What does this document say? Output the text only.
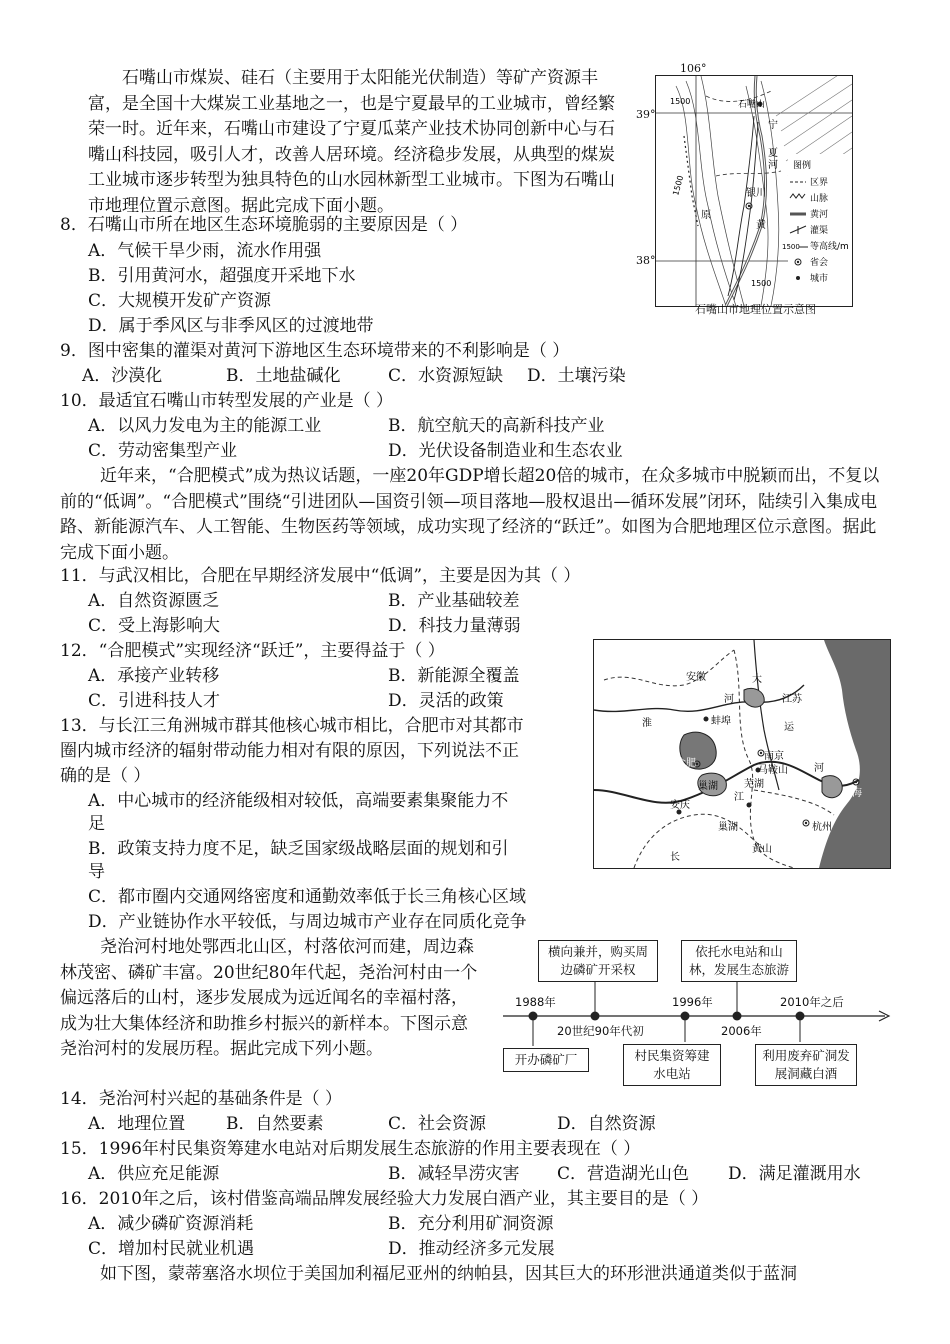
石嘴山市煤炭、硅石（主要用于太阳能光伏制造）等矿产资源丰富，是全国十大煤炭工业基地之一，也是宁夏最早的工业城市，曾经繁荣一时。近年来，石嘴山市建设了宁夏瓜菜产业技术协同创新中心与石嘴山科技园，吸引人才，改善人居环境。经济稳步发展，从典型的煤炭工业城市逐步转型为独具特色的山水园林新型工业城市。下图为石嘴山市地理位置示意图。据此完成下面小题。
1500
1500
1500
石嘴山
宁
夏
银川
原
黄
河 图例
区界
山脉
黄河
灌渠
1500 等高线/m
省会
城市
106°
39°
38°
石嘴山市地理位置示意图
8．石嘴山市所在地区生态环境脆弱的主要原因是（ ）
A．气候干旱少雨，流水作用强
B．引用黄河水，超强度开采地下水
C．大规模开发矿产资源
D．属于季风区与非季风区的过渡地带
9．图中密集的灌渠对黄河下游地区生态环境带来的不利影响是（ ）
A．沙漠化	B．土地盐碱化	C．水资源短缺 D．土壤污染
10．最适宜石嘴山市转型发展的产业是（ ）
A．以风力发电为主的能源工业	B．航空航天的高新科技产业
C．劳动密集型产业	D．光伏设备制造业和生态农业
近年来，“合肥模式”成为热议话题，一座20年GDP增长超20倍的城市，在众多城市中脱颖而出，不复以前的“低调”。“合肥模式”围绕“引进团队—国资引领—项目落地—股权退出—循环发展”闭环，陆续引入集成电路、新能源汽车、人工智能、生物医药等领域，成功实现了经济的“跃迁”。如图为合肥地理区位示意图。据此完成下面小题。
11．与武汉相比，合肥在早期经济发展中“低调”，主要是因为其（ ）
A．自然资源匮乏	B．产业基础较差
C．受上海影响大	D．科技力量薄弱
12．“合肥模式”实现经济“跃迁”，主要得益于（ ）
A．承接产业转移	B．新能源全覆盖
C．引进科技人才	D．灵活的政策
13．与长江三角洲城市群其他核心城市相比，合肥市对其都市
圈内城市经济的辐射带动能力相对有限的原因，下列说法不正
确的是（ ）
A．中心城市的经济能级相对较低，高端要素集聚能力不
足
B．政策支持力度不足，缺乏国家级战略层面的规划和引
导
C．都市圈内交通网络密度和通勤效率低于长三角核心区域
D．产业链协作水平较低，与周边城市产业存在同质化竞争
安徽	大
河	江苏
运
河
淮	蚌埠
合肥
巢湖
南京
马鞍山
芜湖
江
安庆
巢湖
黄山
长
上海
杭州
尧治河村地处鄂西北山区，村落依河而建，周边森林茂密、磷矿丰富。20世纪80年代起，尧治河村由一个偏远落后的山村，逐步发展成为远近闻名的幸福村落，成为壮大集体经济和助推乡村振兴的新样本。下图示意尧治河村的发展历程。据此完成下列小题。
1988年
20世纪90年代初
1996年
2006年
2010年之后
横向兼并，购买周边磷矿开采权
依托水电站和山林，发展生态旅游
开办磷矿厂	村民集资筹建水电站
利用废弃矿洞发展洞藏白酒
14．尧治河村兴起的基础条件是（ ）
A．地理位置 B．自然要素	C．社会资源	D．自然资源
15．1996年村民集资筹建水电站对后期发展生态旅游的作用主要表现在（ ）
A．供应充足能源	B．减轻旱涝灾害 C．营造湖光山色 D．满足灌溉用水
16．2010年之后，该村借鉴高端品牌发展经验大力发展白酒产业，其主要目的是（ ）
A．减少磷矿资源消耗	B．充分利用矿洞资源
C．增加村民就业机遇	D．推动经济多元发展
如下图，蒙蒂塞洛水坝位于美国加利福尼亚州的纳帕县，因其巨大的环形泄洪通道类似于蓝洞
